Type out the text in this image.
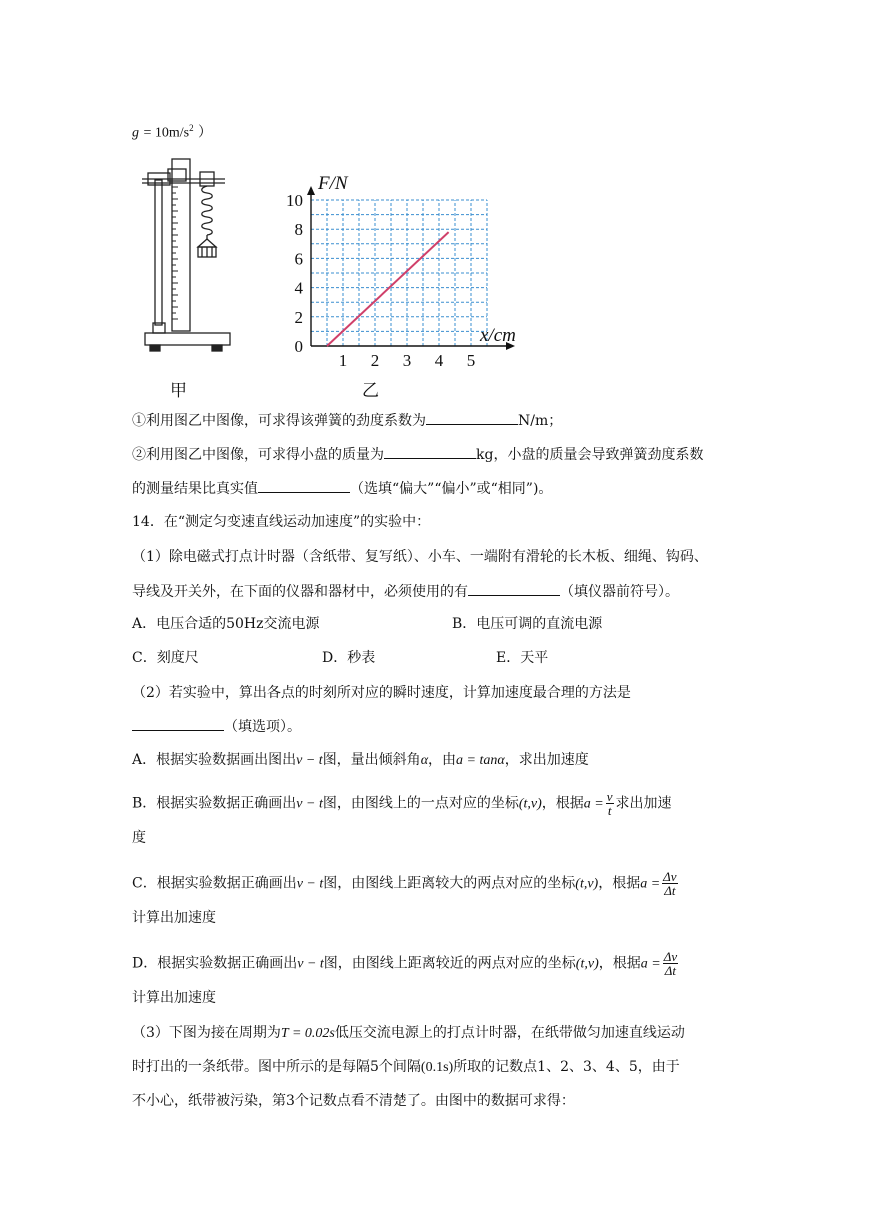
$g = 10m/s^2$ ）
甲
F/N
x/cm
0
2
4
6
8
10
1 2 3 4 5
乙
①利用图乙中图像，可求得该弹簧的劲度系数为	N/m；
②利用图乙中图像，可求得小盘的质量为	kg，小盘的质量会导致弹簧劲度系数
的测量结果比真实值	（选填“偏大”“偏小”或“相同”)。
14．在“测定匀变速直线运动加速度”的实验中：
（1）除电磁式打点计时器（含纸带、复写纸）、小车、一端附有滑轮的长木板、细绳、钩码、
导线及开关外，在下面的仪器和器材中，必须使用的有	（填仪器前符号）。
A．电压合适的50Hz交流电源	B．电压可调的直流电源
C．刻度尺	D．秒表	E．天平
（2）若实验中，算出各点的时刻所对应的瞬时速度，计算加速度最合理的方法是
（填选项）。
A．根据实验数据画出图出v − t图，量出倾斜角α，由a = tanα，求出加速度
B．根据实验数据正确画出v − t图，由图线上的一点对应的坐标(t,v)，根据$a = \frac{v}{t}$ 求出加速
度
C．根据实验数据正确画出v − t图，由图线上距离较大的两点对应的坐标(t,v)，根据$a = \frac{\Delta v}{\Delta t}$
计算出加速度
D．根据实验数据正确画出v − t图，由图线上距离较近的两点对应的坐标(t,v)，根据$a = \frac{\Delta v}{\Delta t}$
计算出加速度
（3）下图为接在周期为T = 0.02s低压交流电源上的打点计时器，在纸带做匀加速直线运动
时打出的一条纸带。图中所示的是每隔5个间隔(0.1s)所取的记数点1、2、3、4、5，由于
不小心，纸带被污染，第3个记数点看不清楚了。由图中的数据可求得：
